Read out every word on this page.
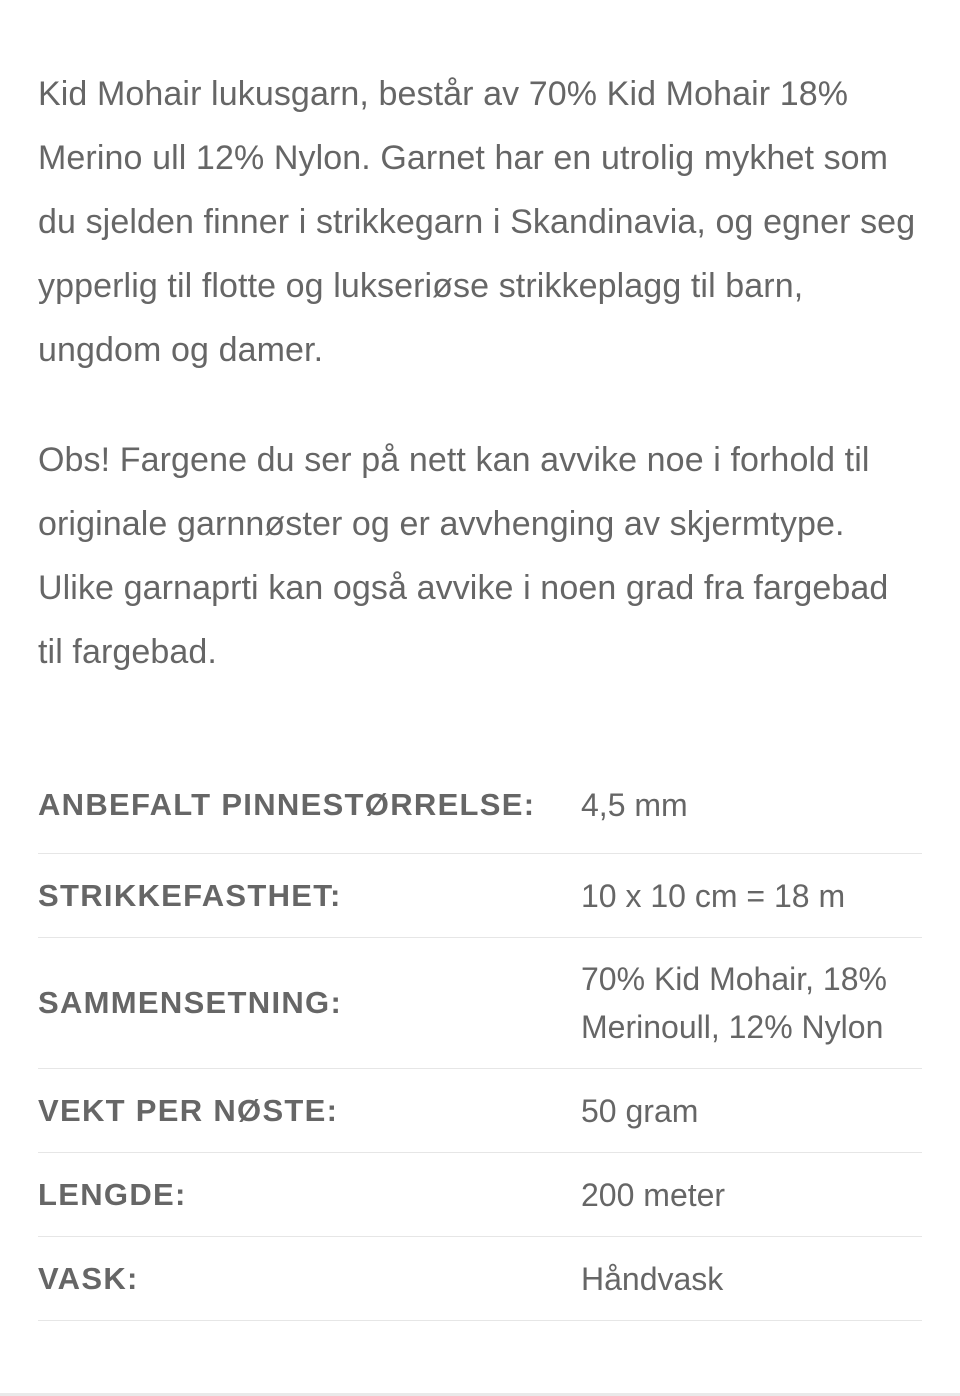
Kid Mohair lukusgarn, består av 70% Kid Mohair 18% Merino ull 12% Nylon. Garnet har en utrolig mykhet som du sjelden finner i strikkegarn i Skandinavia, og egner seg ypperlig til flotte og lukseriøse strikkeplagg til barn, ungdom og damer.

Obs! Fargene du ser på nett kan avvike noe i forhold til originale garnnøster og er avvhenging av skjermtype. Ulike garnaprti kan også avvike i noen grad fra fargebad til fargebad.

ANBEFALT PINNESTØRRELSE:	4,5 mm
STRIKKEFASTHET:	10 x 10 cm = 18 m
SAMMENSETNING:	70% Kid Mohair, 18% Merinoull, 12% Nylon
VEKT PER NØSTE:	50 gram
LENGDE:	200 meter
VASK:	Håndvask
